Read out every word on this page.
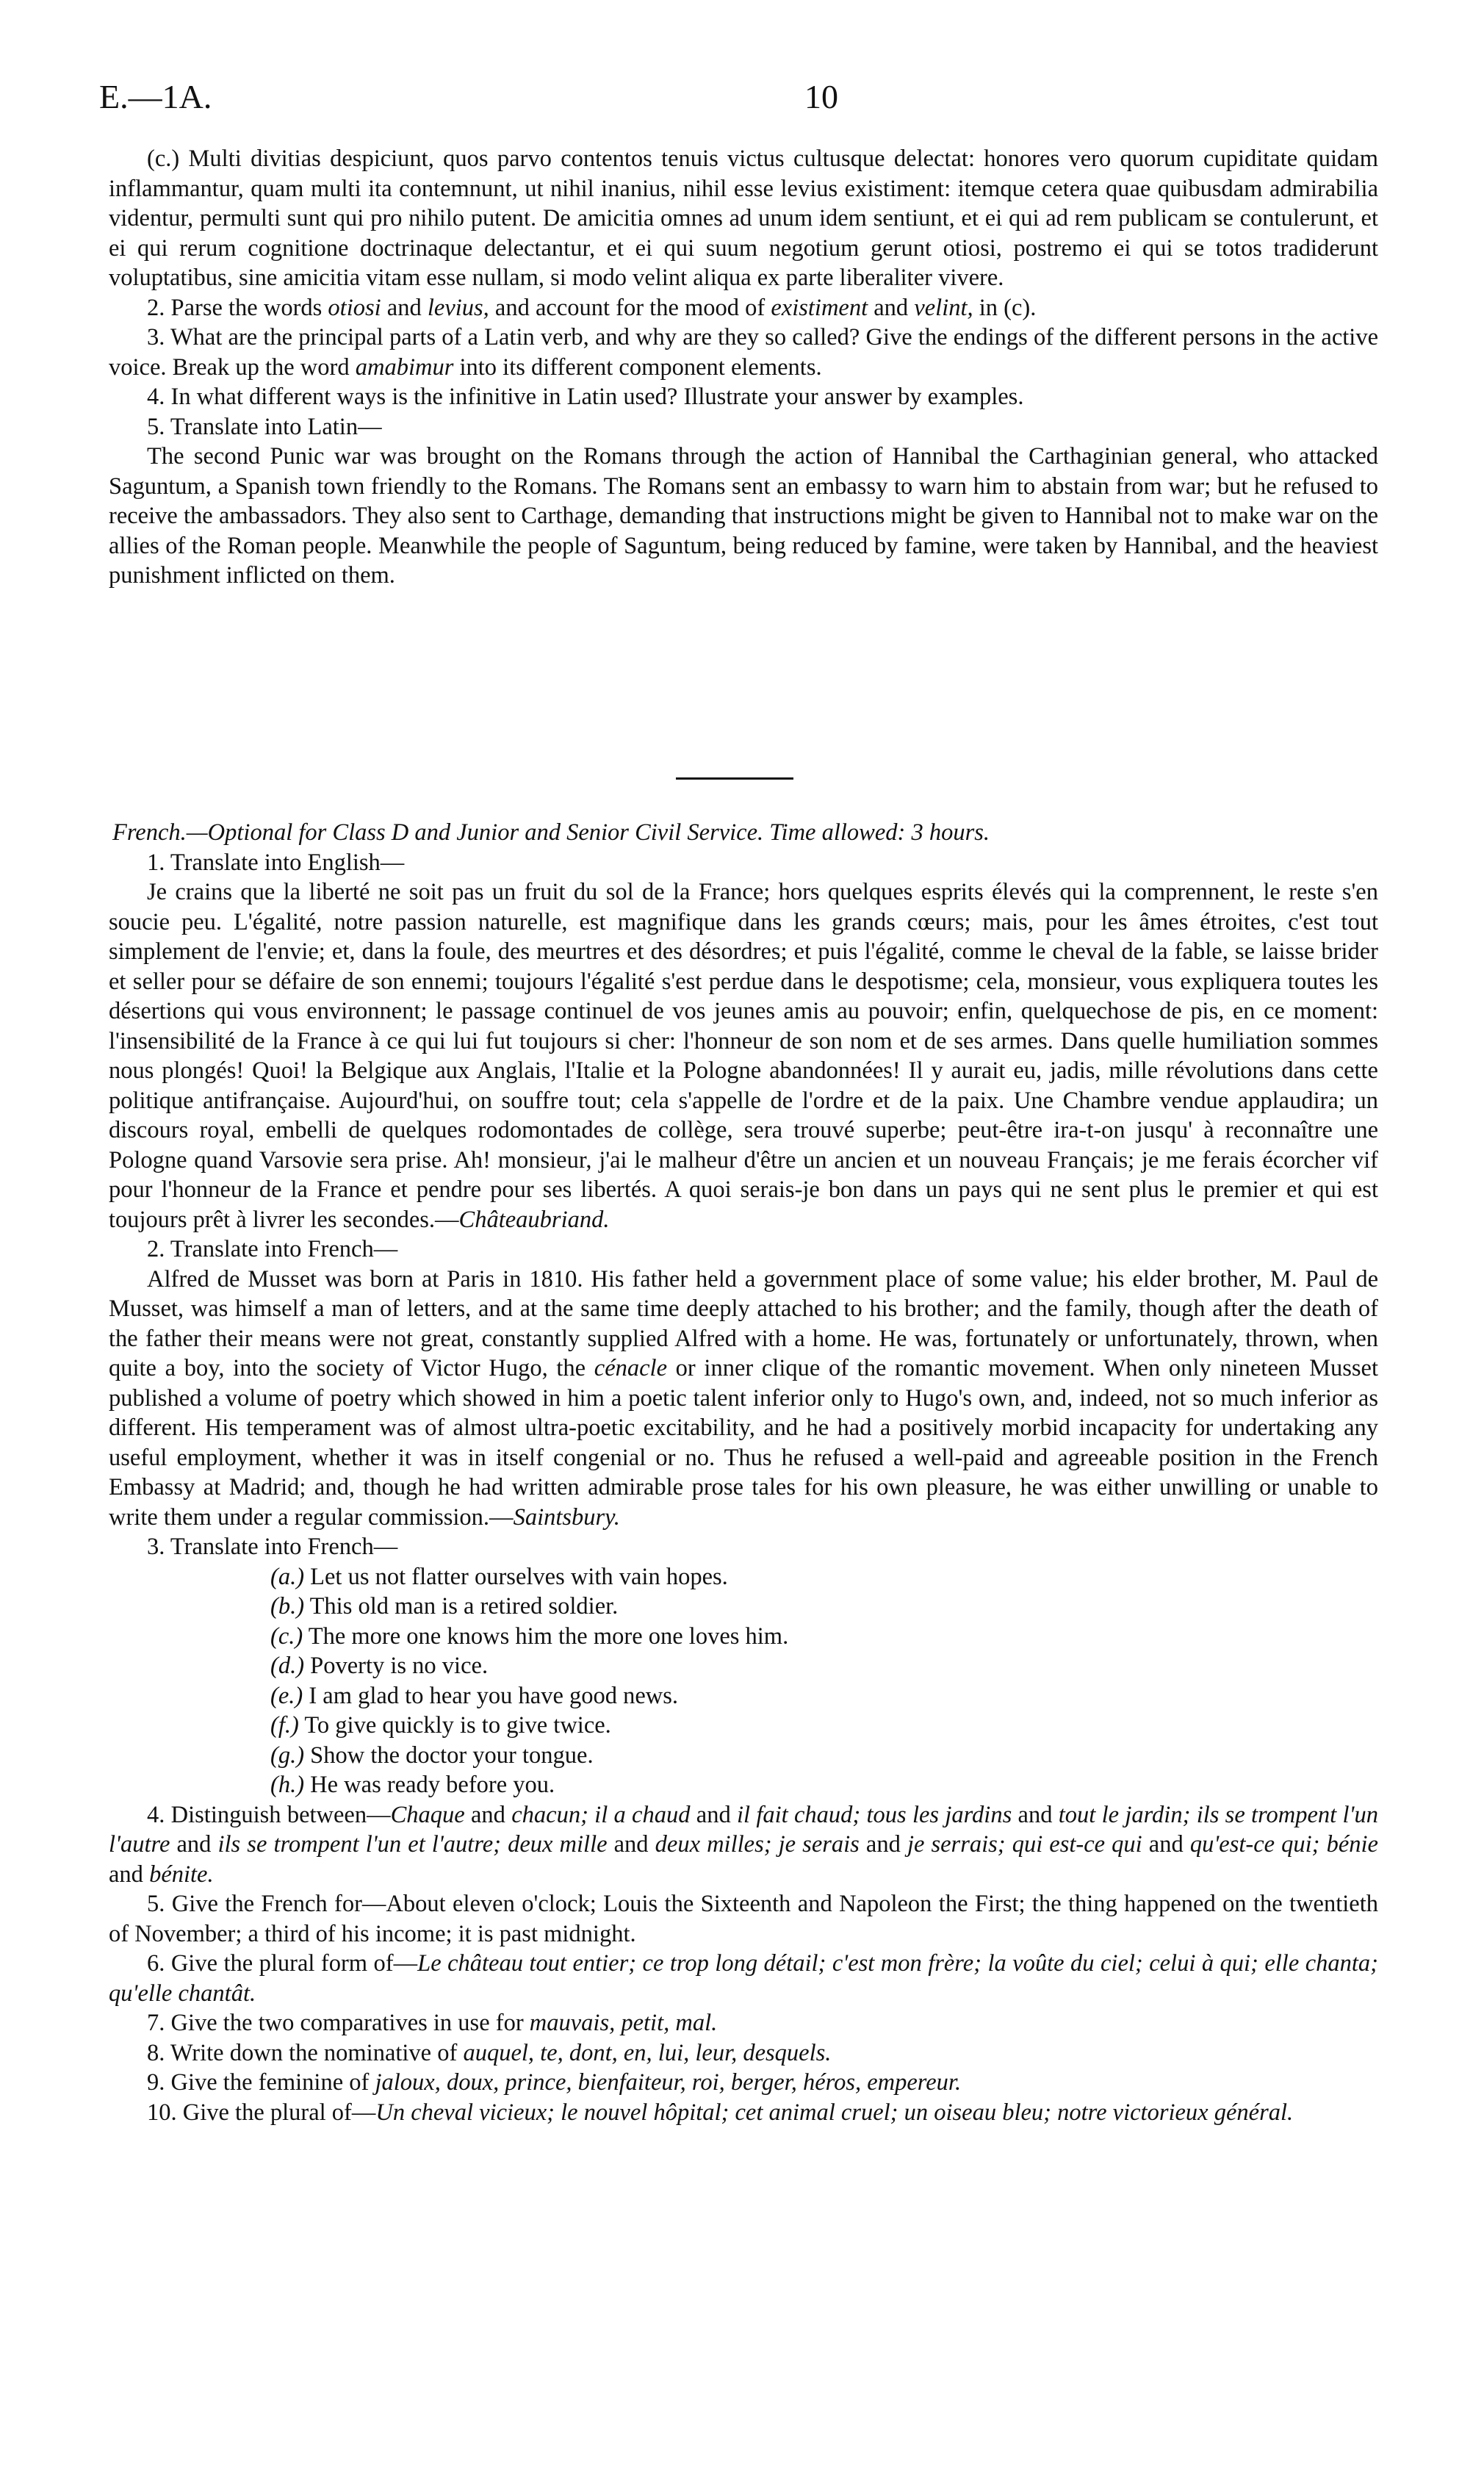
E.—1A.	10

(c.) Multi divitias despiciunt, quos parvo contentos tenuis victus cultusque delectat: honores vero quorum cupiditate quidam inflammantur, quam multi ita contemnunt, ut nihil inanius, nihil esse levius existiment: itemque cetera quae quibusdam admirabilia videntur, permulti sunt qui pro nihilo putent. De amicitia omnes ad unum idem sentiunt, et ei qui ad rem publicam se contulerunt, et ei qui rerum cognitione doctrinaque delectantur, et ei qui suum negotium gerunt otiosi, postremo ei qui se totos tradiderunt voluptatibus, sine amicitia vitam esse nullam, si modo velint aliqua ex parte liberaliter vivere.

2. Parse the words otiosi and levius, and account for the mood of existiment and velint, in (c).

3. What are the principal parts of a Latin verb, and why are they so called? Give the endings of the different persons in the active voice. Break up the word amabimur into its different component elements.

4. In what different ways is the infinitive in Latin used? Illustrate your answer by examples.

5. Translate into Latin—

The second Punic war was brought on the Romans through the action of Hannibal the Carthaginian general, who attacked Saguntum, a Spanish town friendly to the Romans. The Romans sent an embassy to warn him to abstain from war; but he refused to receive the ambassadors. They also sent to Carthage, demanding that instructions might be given to Hannibal not to make war on the allies of the Roman people. Meanwhile the people of Saguntum, being reduced by famine, were taken by Hannibal, and the heaviest punishment inflicted on them.

French.—Optional for Class D and Junior and Senior Civil Service. Time allowed: 3 hours.

1. Translate into English—

Je crains que la liberté ne soit pas un fruit du sol de la France; hors quelques esprits élevés qui la comprennent, le reste s'en soucie peu. L'égalité, notre passion naturelle, est magnifique dans les grands cœurs; mais, pour les âmes étroites, c'est tout simplement de l'envie; et, dans la foule, des meurtres et des désordres; et puis l'égalité, comme le cheval de la fable, se laisse brider et seller pour se défaire de son ennemi; toujours l'égalité s'est perdue dans le despotisme; cela, monsieur, vous expliquera toutes les désertions qui vous environnent; le passage continuel de vos jeunes amis au pouvoir; enfin, quelquechose de pis, en ce moment: l'insensibilité de la France à ce qui lui fut toujours si cher: l'honneur de son nom et de ses armes. Dans quelle humiliation sommes nous plongés! Quoi! la Belgique aux Anglais, l'Italie et la Pologne abandonnées! Il y aurait eu, jadis, mille révolutions dans cette politique antifrançaise. Aujourd'hui, on souffre tout; cela s'appelle de l'ordre et de la paix. Une Chambre vendue applaudira; un discours royal, embelli de quelques rodomontades de collège, sera trouvé superbe; peut-être ira-t-on jusqu' à reconnaître une Pologne quand Varsovie sera prise. Ah! monsieur, j'ai le malheur d'être un ancien et un nouveau Français; je me ferais écorcher vif pour l'honneur de la France et pendre pour ses libertés. A quoi serais-je bon dans un pays qui ne sent plus le premier et qui est toujours prêt à livrer les secondes.—Châteaubriand.

2. Translate into French—

Alfred de Musset was born at Paris in 1810. His father held a government place of some value; his elder brother, M. Paul de Musset, was himself a man of letters, and at the same time deeply attached to his brother; and the family, though after the death of the father their means were not great, constantly supplied Alfred with a home. He was, fortunately or unfortunately, thrown, when quite a boy, into the society of Victor Hugo, the cénacle or inner clique of the romantic movement. When only nineteen Musset published a volume of poetry which showed in him a poetic talent inferior only to Hugo's own, and, indeed, not so much inferior as different. His temperament was of almost ultra-poetic excitability, and he had a positively morbid incapacity for undertaking any useful employment, whether it was in itself congenial or no. Thus he refused a well-paid and agreeable position in the French Embassy at Madrid; and, though he had written admirable prose tales for his own pleasure, he was either unwilling or unable to write them under a regular commission.—Saintsbury.

3. Translate into French—

(a.) Let us not flatter ourselves with vain hopes.

(b.) This old man is a retired soldier.

(c.) The more one knows him the more one loves him.

(d.) Poverty is no vice.

(e.) I am glad to hear you have good news.

(f.) To give quickly is to give twice.

(g.) Show the doctor your tongue.

(h.) He was ready before you.

4. Distinguish between—Chaque and chacun; il a chaud and il fait chaud; tous les jardins and tout le jardin; ils se trompent l'un l'autre and ils se trompent l'un et l'autre; deux mille and deux milles; je serais and je serrais; qui est-ce qui and qu'est-ce qui; bénie and bénite.

5. Give the French for—About eleven o'clock; Louis the Sixteenth and Napoleon the First; the thing happened on the twentieth of November; a third of his income; it is past midnight.

6. Give the plural form of—Le château tout entier; ce trop long détail; c'est mon frère; la voûte du ciel; celui à qui; elle chanta; qu'elle chantât.

7. Give the two comparatives in use for mauvais, petit, mal.

8. Write down the nominative of auquel, te, dont, en, lui, leur, desquels.

9. Give the feminine of jaloux, doux, prince, bienfaiteur, roi, berger, héros, empereur.

10. Give the plural of—Un cheval vicieux; le nouvel hôpital; cet animal cruel; un oiseau bleu; notre victorieux général.
